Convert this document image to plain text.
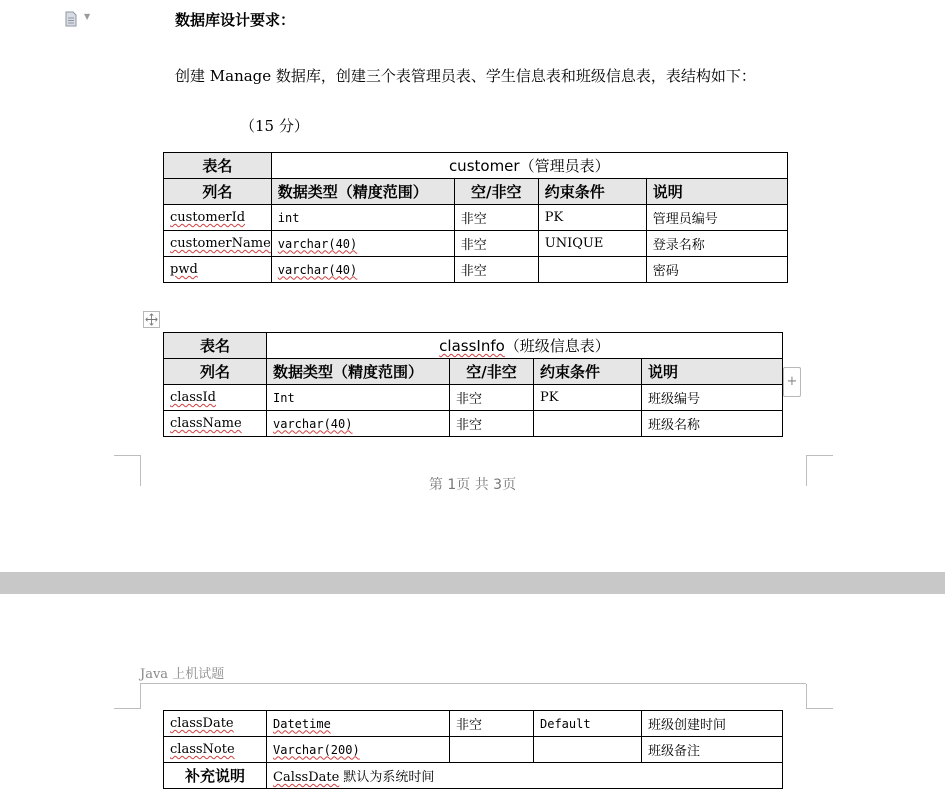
▼	数据库设计要求：
创建 Manage 数据库，创建三个表管理员表、学生信息表和班级信息表，表结构如下：
（15 分）
表名	customer（管理员表）			
列名	数据类型（精度范围）	空/非空	约束条件	说明
customerId	int	非空	PK	管理员编号
customerName	varchar(40)	非空	UNIQUE	登录名称
pwd	varchar(40)	非空		密码
表名	classInfo（班级信息表）			
列名	数据类型（精度范围）	空/非空	约束条件	说明
classId	Int	非空	PK	班级编号
className	varchar(40)	非空		班级名称
+
第 1页 共 3页
Java 上机试题
classDate	Datetime	非空	Default	班级创建时间
classNote	Varchar(200)			班级备注
补充说明	CalssDate 默认为系统时间			
